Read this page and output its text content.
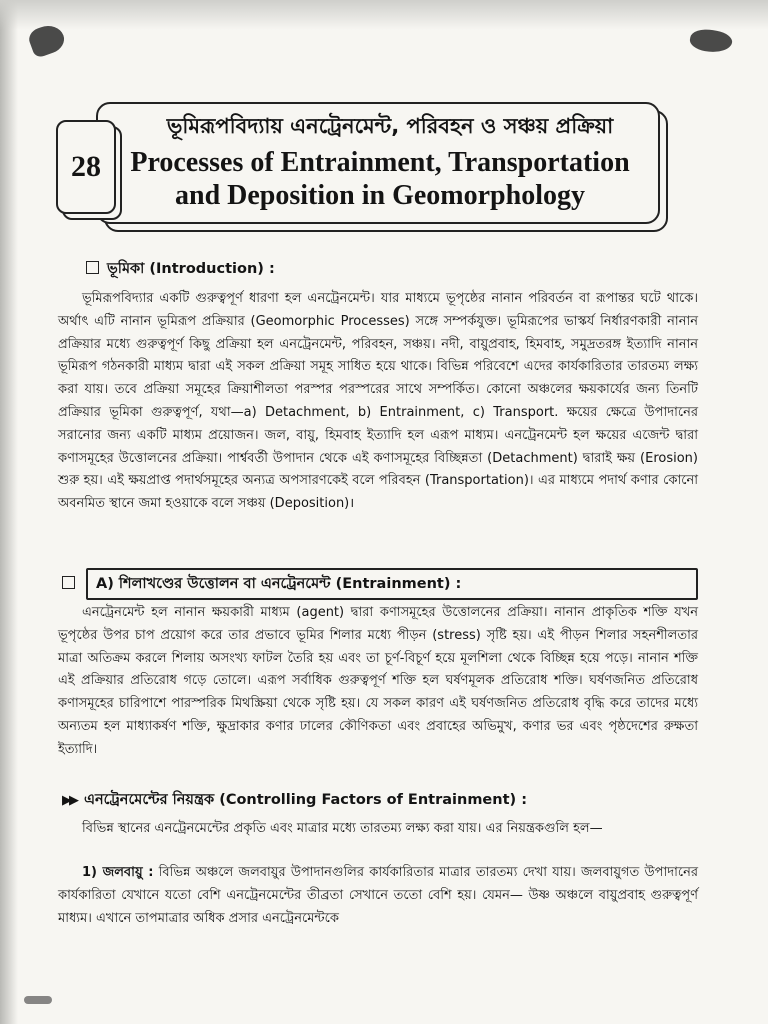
28
ভূমিরূপবিদ্যায় এনট্রেনমেন্ট, পরিবহন ও সঞ্চয় প্রক্রিয়া
Processes of Entrainment, Transportation
and Deposition in Geomorphology
ভূমিকা (Introduction) :
ভূমিরূপবিদ্যার একটি গুরুত্বপূর্ণ ধারণা হল এনট্রেনমেন্ট। যার মাধ্যমে ভূপৃষ্ঠের নানান পরিবর্তন বা রূপান্তর ঘটে থাকে। অর্থাৎ এটি নানান ভূমিরূপ প্রক্রিয়ার (Geomorphic Processes) সঙ্গে সম্পর্কযুক্ত। ভূমিরূপের ভাস্কর্য নির্ধারণকারী নানান প্রক্রিয়ার মধ্যে গুরুত্বপূর্ণ কিছু প্রক্রিয়া হল এনট্রেনমেন্ট, পরিবহন, সঞ্চয়। নদী, বায়ুপ্রবাহ, হিমবাহ, সমুদ্রতরঙ্গ ইত্যাদি নানান ভূমিরূপ গঠনকারী মাধ্যম দ্বারা এই সকল প্রক্রিয়া সমূহ সাধিত হয়ে থাকে। বিভিন্ন পরিবেশে এদের কার্যকারিতার তারতম্য লক্ষ্য করা যায়। তবে প্রক্রিয়া সমূহের ক্রিয়াশীলতা পরস্পর পরস্পরের সাথে সম্পর্কিত। কোনো অঞ্চলের ক্ষয়কার্যের জন্য তিনটি প্রক্রিয়ার ভূমিকা গুরুত্বপূর্ণ, যথা—a) Detachment, b) Entrainment, c) Transport. ক্ষয়ের ক্ষেত্রে উপাদানের সরানোর জন্য একটি মাধ্যম প্রয়োজন। জল, বায়ু, হিমবাহ ইত্যাদি হল এরূপ মাধ্যম। এনট্রেনমেন্ট হল ক্ষয়ের এজেন্ট দ্বারা কণাসমূহের উত্তোলনের প্রক্রিয়া। পার্শ্ববর্তী উপাদান থেকে এই কণাসমূহের বিচ্ছিন্নতা (Detachment) দ্বারাই ক্ষয় (Erosion) শুরু হয়। এই ক্ষয়প্রাপ্ত পদার্থসমূহের অন্যত্র অপসারণকেই বলে পরিবহন (Transportation)। এর মাধ্যমে পদার্থ কণার কোনো অবনমিত স্থানে জমা হওয়াকে বলে সঞ্চয় (Deposition)।
A) শিলাখণ্ডের উত্তোলন বা এনট্রেনমেন্ট (Entrainment) :
এনট্রেনমেন্ট হল নানান ক্ষয়কারী মাধ্যম (agent) দ্বারা কণাসমূহের উত্তোলনের প্রক্রিয়া। নানান প্রাকৃতিক শক্তি যখন ভূপৃষ্ঠের উপর চাপ প্রয়োগ করে তার প্রভাবে ভূমির শিলার মধ্যে পীড়ন (stress) সৃষ্টি হয়। এই পীড়ন শিলার সহনশীলতার মাত্রা অতিক্রম করলে শিলায় অসংখ্য ফাটল তৈরি হয় এবং তা চূর্ণ-বিচূর্ণ হয়ে মূলশিলা থেকে বিচ্ছিন্ন হয়ে পড়ে। নানান শক্তি এই প্রক্রিয়ার প্রতিরোধ গড়ে তোলে। এরূপ সর্বাধিক গুরুত্বপূর্ণ শক্তি হল ঘর্ষণমূলক প্রতিরোধ শক্তি। ঘর্ষণজনিত প্রতিরোধ কণাসমূহের চারিপাশে পারস্পরিক মিথস্ক্রিয়া থেকে সৃষ্টি হয়। যে সকল কারণ এই ঘর্ষণজনিত প্রতিরোধ বৃদ্ধি করে তাদের মধ্যে অন্যতম হল মাধ্যাকর্ষণ শক্তি, ক্ষুদ্রাকার কণার ঢালের কৌণিকতা এবং প্রবাহের অভিমুখ, কণার ভর এবং পৃষ্ঠদেশের রুক্ষতা ইত্যাদি।
▶▶ এনট্রেনমেন্টের নিয়ন্ত্রক (Controlling Factors of Entrainment) :
বিভিন্ন স্থানের এনট্রেনমেন্টের প্রকৃতি এবং মাত্রার মধ্যে তারতম্য লক্ষ্য করা যায়। এর নিয়ন্ত্রকগুলি হল—
1) জলবায়ু : বিভিন্ন অঞ্চলে জলবায়ুর উপাদানগুলির কার্যকারিতার মাত্রার তারতম্য দেখা যায়। জলবায়ুগত উপাদানের কার্যকারিতা যেখানে যতো বেশি এনট্রেনমেন্টের তীব্রতা সেখানে ততো বেশি হয়। যেমন— উষ্ণ অঞ্চলে বায়ুপ্রবাহ গুরুত্বপূর্ণ মাধ্যম। এখানে তাপমাত্রার অধিক প্রসার এনট্রেনমেন্টকে
